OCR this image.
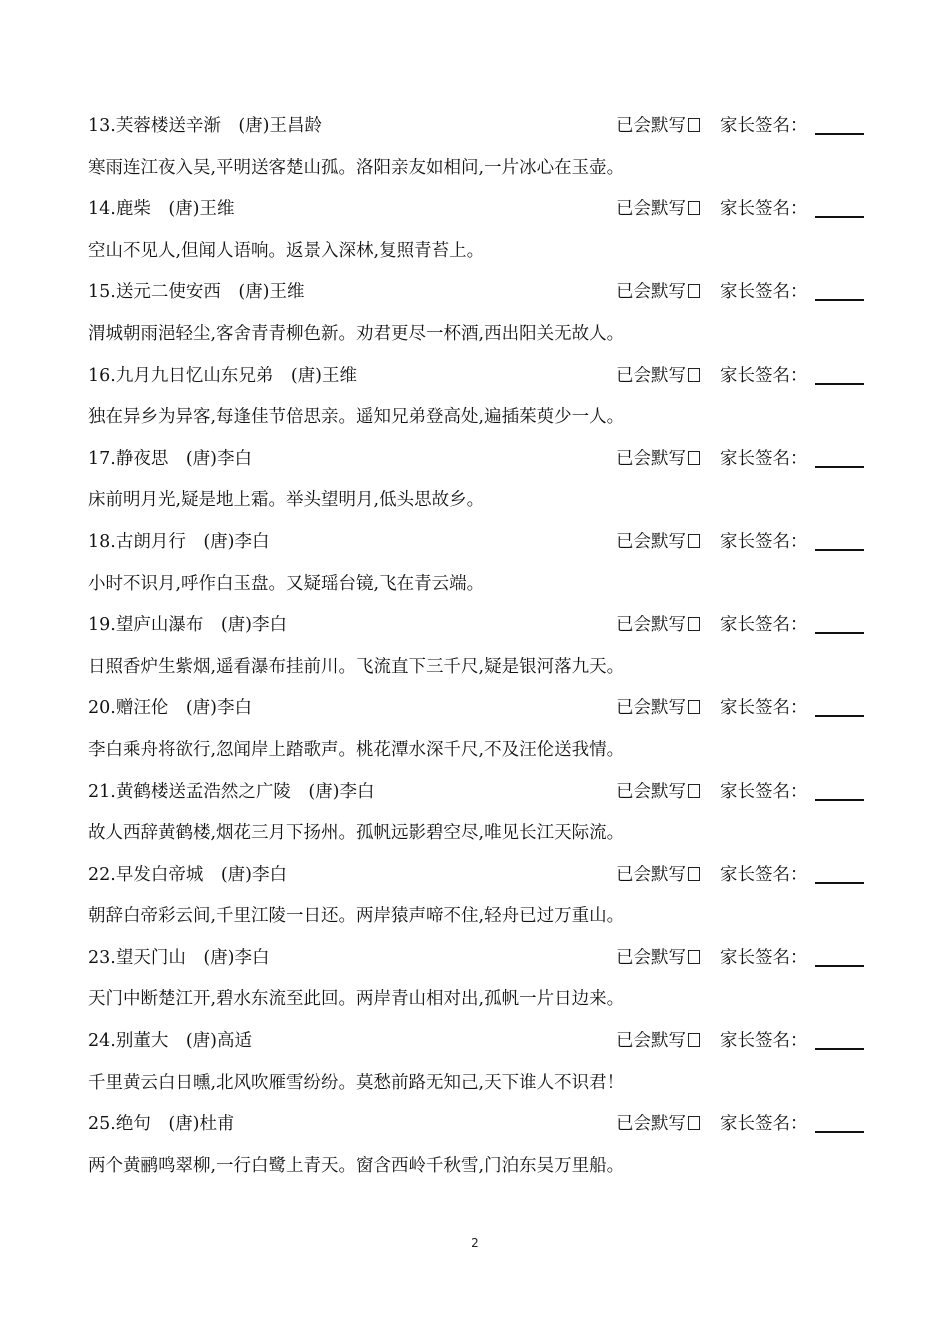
13.芙蓉楼送辛渐　(唐)王昌龄	已会默写	家长签名：
寒雨连江夜入吴,平明送客楚山孤。洛阳亲友如相问,一片冰心在玉壶。
14.鹿柴　(唐)王维	已会默写	家长签名：
空山不见人,但闻人语响。返景入深林,复照青苔上。
15.送元二使安西　(唐)王维	已会默写	家长签名：
渭城朝雨浥轻尘,客舍青青柳色新。劝君更尽一杯酒,西出阳关无故人。
16.九月九日忆山东兄弟　(唐)王维	已会默写	家长签名：
独在异乡为异客,每逢佳节倍思亲。遥知兄弟登高处,遍插茱萸少一人。
17.静夜思　(唐)李白	已会默写	家长签名：
床前明月光,疑是地上霜。举头望明月,低头思故乡。
18.古朗月行　(唐)李白	已会默写	家长签名：
小时不识月,呼作白玉盘。又疑瑶台镜,飞在青云端。
19.望庐山瀑布　(唐)李白	已会默写	家长签名：
日照香炉生紫烟,遥看瀑布挂前川。飞流直下三千尺,疑是银河落九天。
20.赠汪伦　(唐)李白	已会默写	家长签名：
李白乘舟将欲行,忽闻岸上踏歌声。桃花潭水深千尺,不及汪伦送我情。
21.黄鹤楼送孟浩然之广陵　(唐)李白	已会默写	家长签名：
故人西辞黄鹤楼,烟花三月下扬州。孤帆远影碧空尽,唯见长江天际流。
22.早发白帝城　(唐)李白	已会默写	家长签名：
朝辞白帝彩云间,千里江陵一日还。两岸猿声啼不住,轻舟已过万重山。
23.望天门山　(唐)李白	已会默写	家长签名：
天门中断楚江开,碧水东流至此回。两岸青山相对出,孤帆一片日边来。
24.别董大　(唐)高适	已会默写	家长签名：
千里黄云白日曛,北风吹雁雪纷纷。莫愁前路无知己,天下谁人不识君！
25.绝句　(唐)杜甫	已会默写	家长签名：
两个黄鹂鸣翠柳,一行白鹭上青天。窗含西岭千秋雪,门泊东吴万里船。
2
